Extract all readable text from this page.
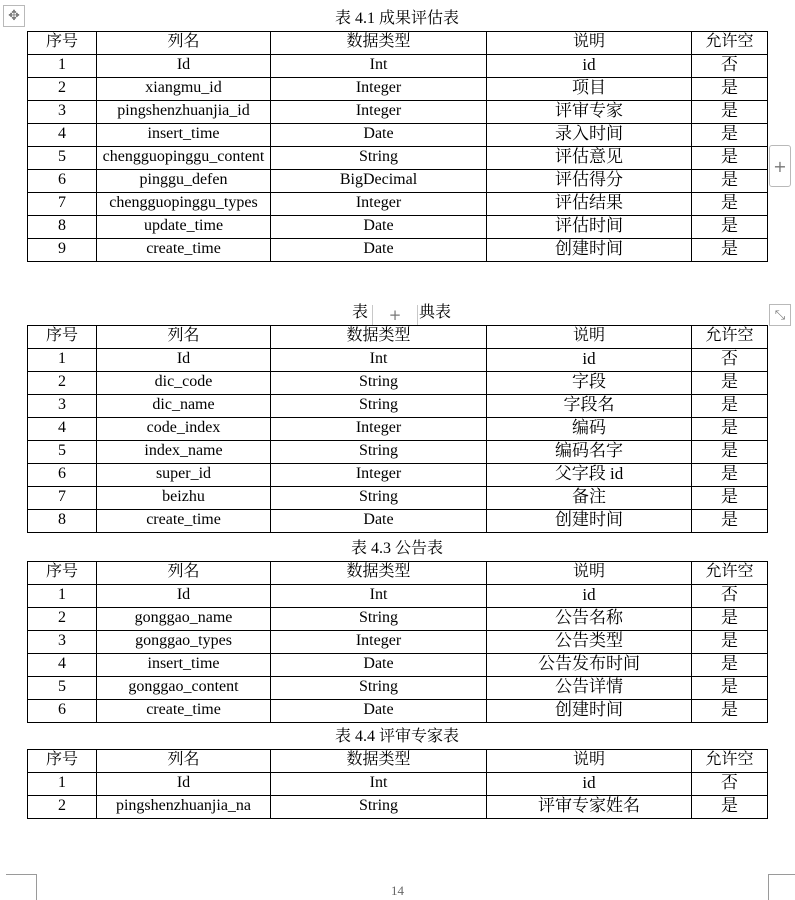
✥	表 4.1 成果评估表
序号	列名	数据类型	说明	允许空
1	Id	Int	id	否
2	xiangmu_id	Integer	项目	是
3	pingshenzhuanjia_id	Integer	评审专家	是
4	insert_time	Date	录入时间	是
5	chengguopinggu_content	String	评估意见	是
6	pinggu_defen	BigDecimal	评估得分	是
7	chengguopinggu_types	Integer	评估结果	是
8	update_time	Date	评估时间	是
9	create_time	Date	创建时间	是
+
表	+	典表	⤡
序号	列名	数据类型	说明	允许空
1	Id	Int	id	否
2	dic_code	String	字段	是
3	dic_name	String	字段名	是
4	code_index	Integer	编码	是
5	index_name	String	编码名字	是
6	super_id	Integer	父字段 id	是
7	beizhu	String	备注	是
8	create_time	Date	创建时间	是
表 4.3 公告表
序号	列名	数据类型	说明	允许空
1	Id	Int	id	否
2	gonggao_name	String	公告名称	是
3	gonggao_types	Integer	公告类型	是
4	insert_time	Date	公告发布时间	是
5	gonggao_content	String	公告详情	是
6	create_time	Date	创建时间	是
表 4.4 评审专家表
序号	列名	数据类型	说明	允许空
1	Id	Int	id	否
2	pingshenzhuanjia_na	String	评审专家姓名	是
14
